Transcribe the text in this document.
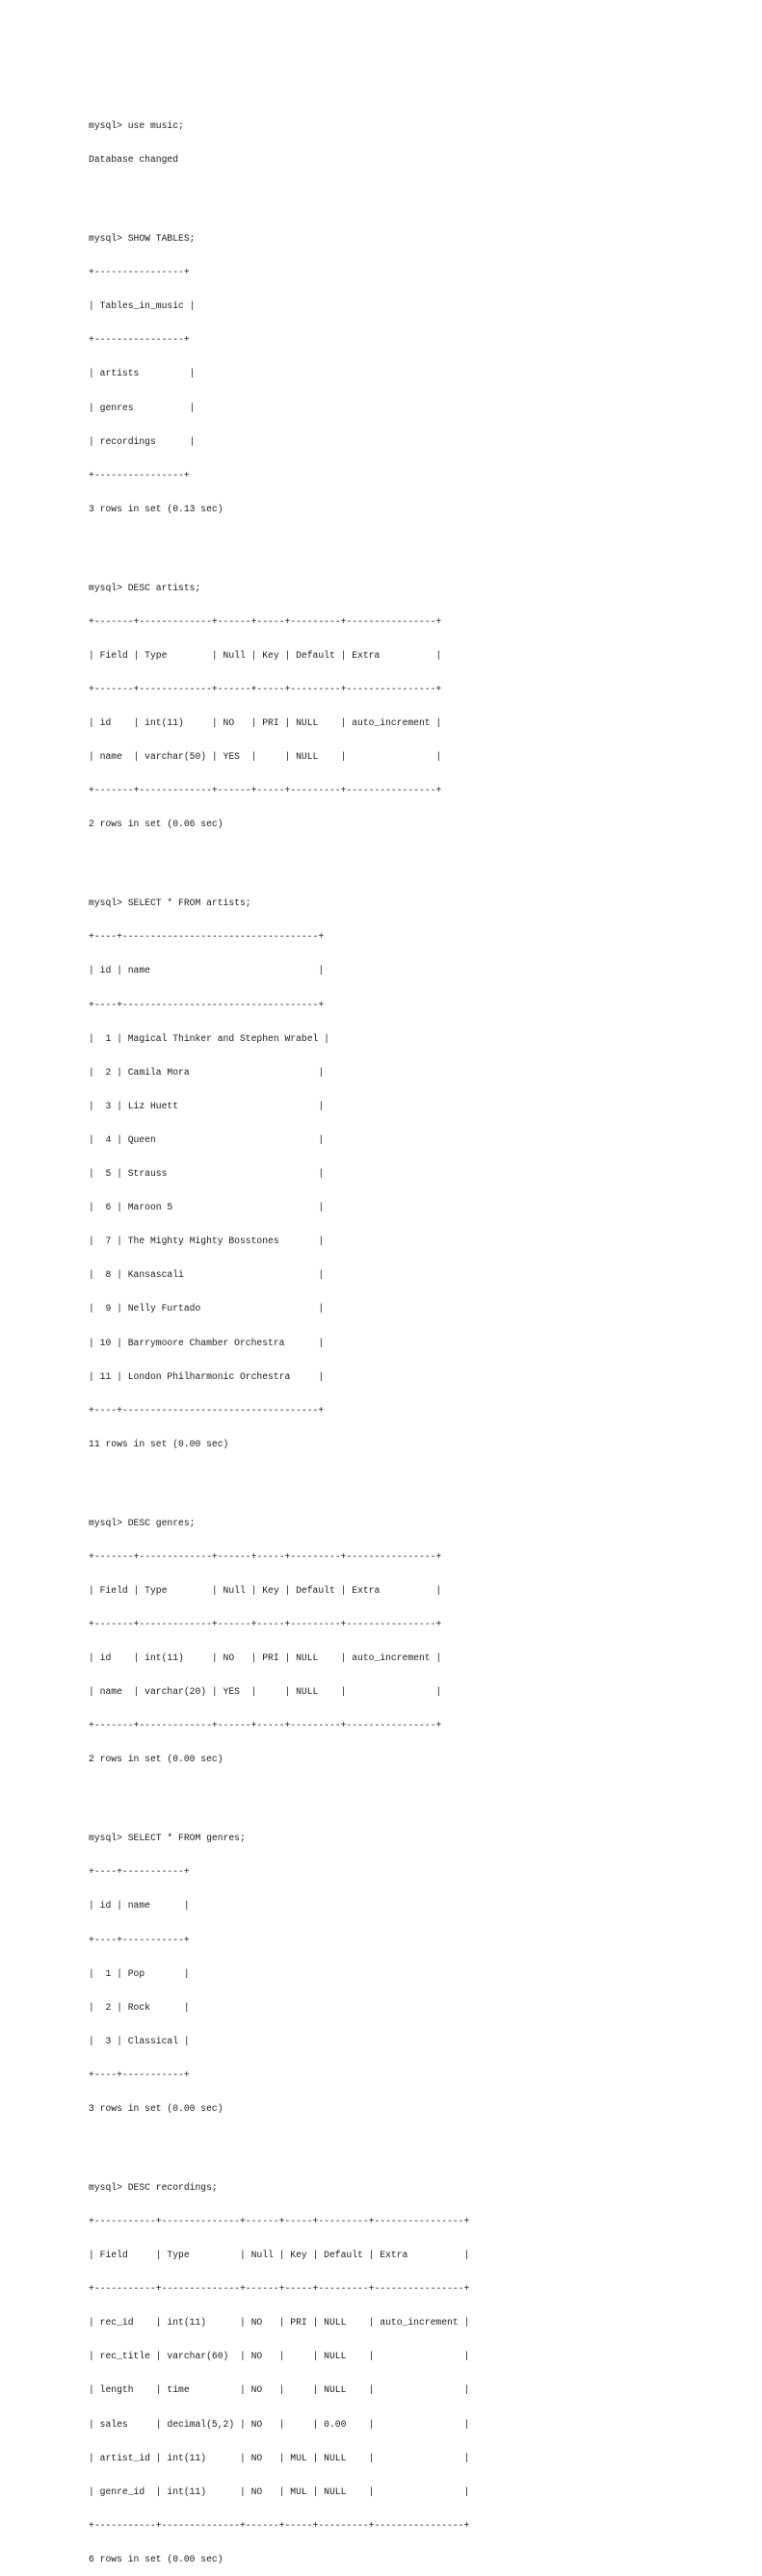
mysql> use music;

Database changed

mysql> SHOW TABLES;

+----------------+

| Tables_in_music |

+----------------+

| artists         |

| genres          |

| recordings      |

+----------------+

3 rows in set (0.13 sec)

mysql> DESC artists;

+-------+-------------+------+-----+---------+----------------+

| Field | Type        | Null | Key | Default | Extra          |

+-------+-------------+------+-----+---------+----------------+

| id    | int(11)     | NO   | PRI | NULL    | auto_increment |

| name  | varchar(50) | YES  |     | NULL    |                |

+-------+-------------+------+-----+---------+----------------+

2 rows in set (0.06 sec)

mysql> SELECT * FROM artists;

+----+-----------------------------------+

| id | name                              |

+----+-----------------------------------+

|  1 | Magical Thinker and Stephen Wrabel |

|  2 | Camila Mora                       |

|  3 | Liz Huett                         |

|  4 | Queen                             |

|  5 | Strauss                           |

|  6 | Maroon 5                          |

|  7 | The Mighty Mighty Bosstones       |

|  8 | Kansascali                        |

|  9 | Nelly Furtado                     |

| 10 | Barrymoore Chamber Orchestra      |

| 11 | London Philharmonic Orchestra     |

+----+-----------------------------------+

11 rows in set (0.00 sec)

mysql> DESC genres;

+-------+-------------+------+-----+---------+----------------+

| Field | Type        | Null | Key | Default | Extra          |

+-------+-------------+------+-----+---------+----------------+

| id    | int(11)     | NO   | PRI | NULL    | auto_increment |

| name  | varchar(20) | YES  |     | NULL    |                |

+-------+-------------+------+-----+---------+----------------+

2 rows in set (0.00 sec)

mysql> SELECT * FROM genres;

+----+-----------+

| id | name      |

+----+-----------+

|  1 | Pop       |

|  2 | Rock      |

|  3 | Classical |

+----+-----------+

3 rows in set (0.00 sec)

mysql> DESC recordings;

+-----------+--------------+------+-----+---------+----------------+

| Field     | Type         | Null | Key | Default | Extra          |

+-----------+--------------+------+-----+---------+----------------+

| rec_id    | int(11)      | NO   | PRI | NULL    | auto_increment |

| rec_title | varchar(60)  | NO   |     | NULL    |                |

| length    | time         | NO   |     | NULL    |                |

| sales     | decimal(5,2) | NO   |     | 0.00    |                |

| artist_id | int(11)      | NO   | MUL | NULL    |                |

| genre_id  | int(11)      | NO   | MUL | NULL    |                |

+-----------+--------------+------+-----+---------+----------------+

6 rows in set (0.00 sec)
